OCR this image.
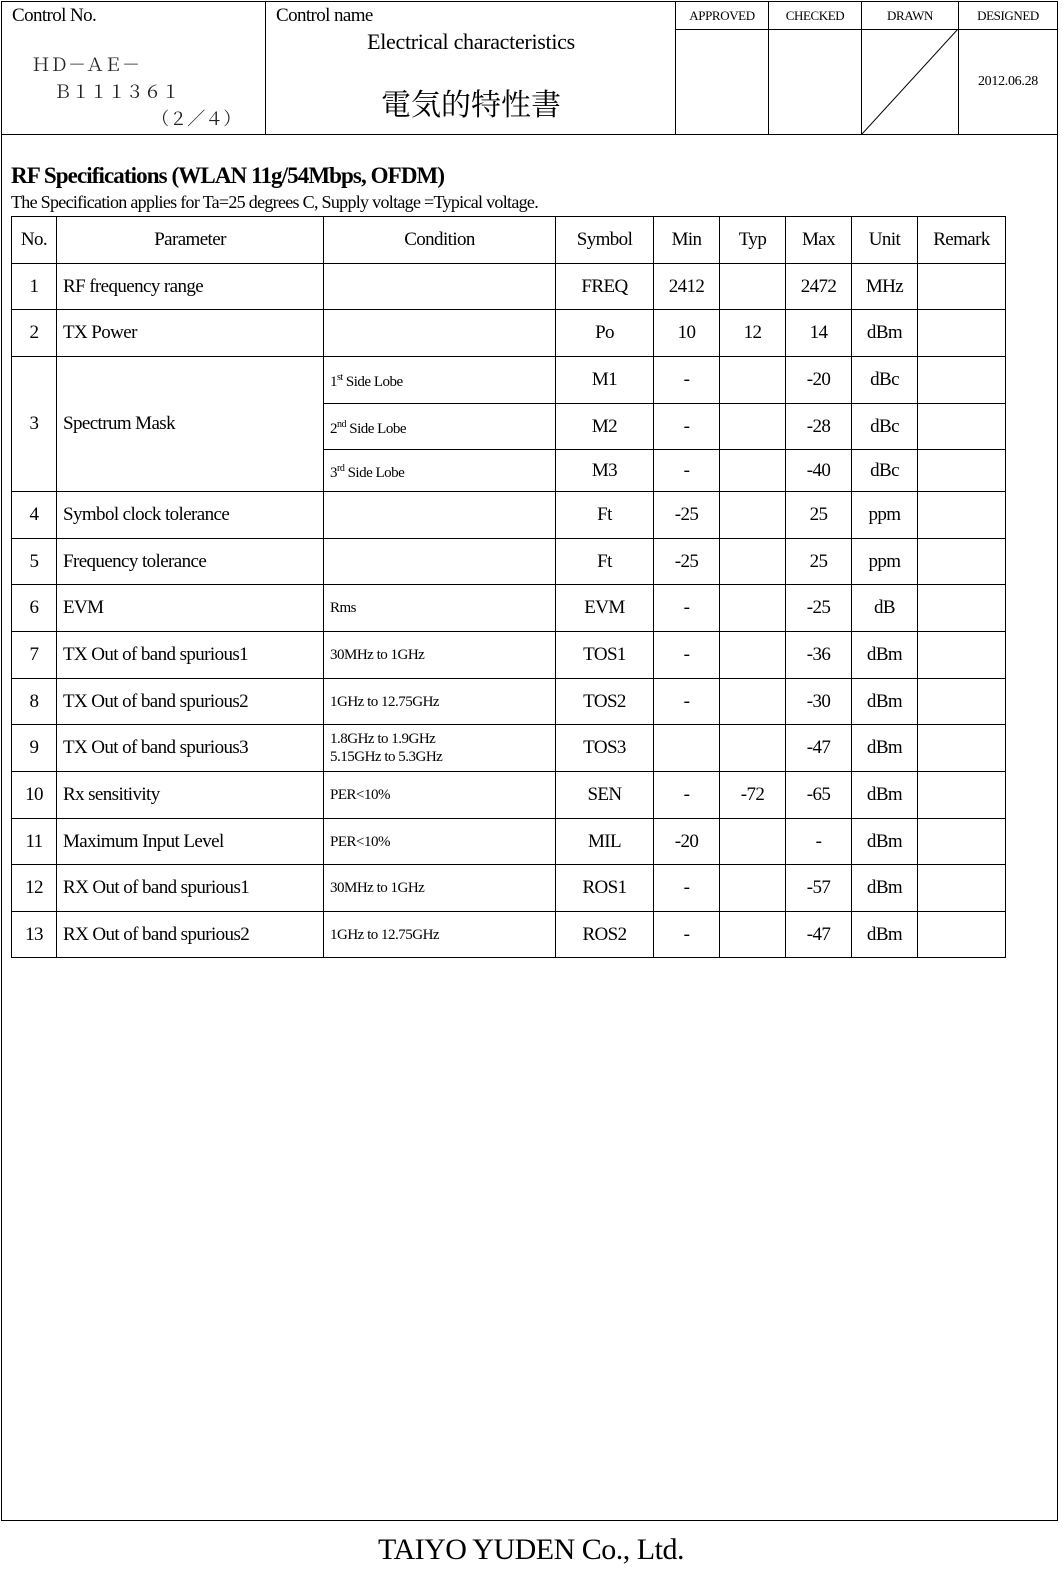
Control No.
ＨＤ－ＡＥ－
Ｂ１１１３６１
（２／４）
Control name
Electrical characteristics
電気的特性書
APPROVED	CHECKED	DRAWN	DESIGNED
2012.06.28
RF Specifications (WLAN 11g/54Mbps, OFDM)
The Specification applies for Ta=25 degrees C, Supply voltage =Typical voltage.
No.	Parameter	Condition	Symbol	Min	Typ	Max	Unit	Remark
1	RF frequency range		FREQ	2412		2472	MHz	
2	TX Power		Po	10	12	14	dBm	
3	Spectrum Mask	1st Side Lobe	M1	-		-20	dBc	
		2nd Side Lobe	M2	-		-28	dBc	
		3rd Side Lobe	M3	-		-40	dBc	
4	Symbol clock tolerance		Ft	-25		25	ppm	
5	Frequency tolerance		Ft	-25		25	ppm	
6	EVM	Rms	EVM	-		-25	dB	
7	TX Out of band spurious1	30MHz to 1GHz	TOS1	-		-36	dBm	
8	TX Out of band spurious2	1GHz to 12.75GHz	TOS2	-		-30	dBm	
9	TX Out of band spurious3	1.8GHz to 1.9GHz
5.15GHz to 5.3GHz	TOS3			-47	dBm	
10	Rx sensitivity	PER<10%	SEN	-	-72	-65	dBm	
11	Maximum Input Level	PER<10%	MIL	-20		-	dBm	
12	RX Out of band spurious1	30MHz to 1GHz	ROS1	-		-57	dBm	
13	RX Out of band spurious2	1GHz to 12.75GHz	ROS2	-		-47	dBm	
TAIYO YUDEN Co., Ltd.
